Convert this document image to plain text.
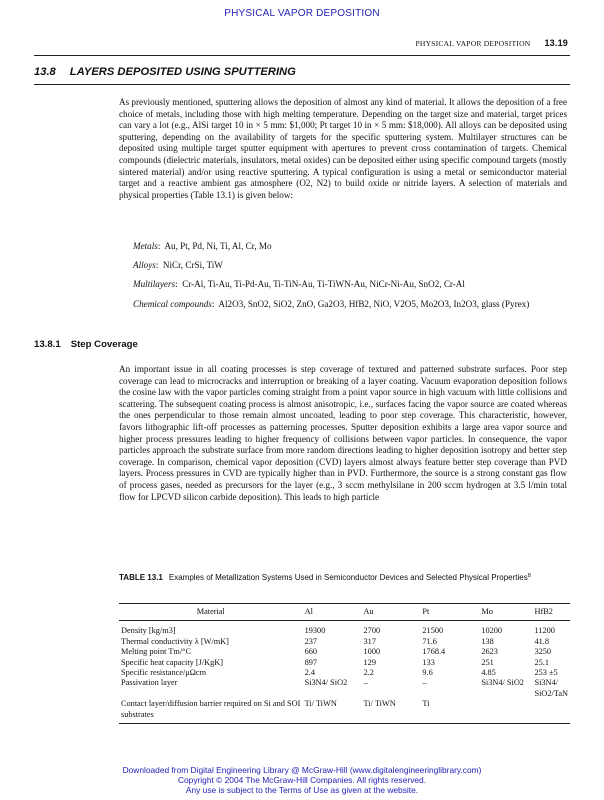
PHYSICAL VAPOR DEPOSITION
PHYSICAL VAPOR DEPOSITION 13.19
13.8 LAYERS DEPOSITED USING SPUTTERING

As previously mentioned, sputtering allows the deposition of almost any kind of material. It allows the deposition of a free choice of metals, including those with high melting temperature. Depending on the target size and material, target prices can vary a lot (e.g., AlSi target 10 in × 5 mm: $1,000; Pt target 10 in × 5 mm: $18,000). All alloys can be deposited using sputtering, depending on the availability of targets for the specific sputtering system. Multilayer structures can be deposited using multiple target sputter equipment with apertures to prevent cross contamination of targets. Chemical compounds (dielectric materials, insulators, metal oxides) can be deposited either using specific compound targets (mostly sintered material) and/or using reactive sputtering. A typical configuration is using a metal or semiconductor material target and a reactive ambient gas atmosphere (O2, N2) to build oxide or nitride layers. A selection of materials and physical properties (Table 13.1) is given below:

Metals:  Au, Pt, Pd, Ni, Ti, Al, Cr, Mo
Alloys:  NiCr, CrSi, TiW
Multilayers:  Cr-Al, Ti-Au, Ti-Pd-Au, Ti-TiN-Au, Ti-TiWN-Au, NiCr-Ni-Au, SnO2, Cr-Al
Chemical compounds:  Al2O3, SnO2, SiO2, ZnO, Ga2O3, HfB2, NiO, V2O5, Mo2O3, In2O3, glass (Pyrex)
13.8.1 Step Coverage

An important issue in all coating processes is step coverage of textured and patterned substrate surfaces. Poor step coverage can lead to microcracks and interruption or breaking of a layer coating. Vacuum evaporation deposition follows the cosine law with the vapor particles coming straight from a point vapor source in high vacuum with little collisions and scattering. The subsequent coating process is almost anisotropic, i.e., surfaces facing the vapor source are coated whereas the ones perpendicular to those remain almost uncoated, leading to poor step coverage. This characteristic, however, favors lithographic lift-off processes as patterning processes. Sputter deposition exhibits a large area vapor source and higher process pressures leading to higher frequency of collisions between vapor particles. In consequence, the vapor particles approach the substrate surface from more random directions leading to higher deposition isotropy and better step coverage. In comparison, chemical vapor deposition (CVD) layers almost always feature better step coverage than PVD layers. Process pressures in CVD are typically higher than in PVD. Furthermore, the source is a strong constant gas flow of process gases, needed as precursors for the layer (e.g., 3 sccm methylsilane in 200 sccm hydrogen at 3.5 l/min total flow for LPCVD silicon carbide deposition). This leads to high particle

TABLE 13.1 Examples of Metallization Systems Used in Semiconductor Devices and Selected Physical Properties$^8$
Material	Al	Au	Pt	Mo	HfB2
Density [kg/m3]	19300	2700	21500	10200	11200
Thermal conductivity λ [W/mK]	237	317	71.6	138	41.8
Melting point Tm/°C	660	1000	1768.4	2623	3250
Specific heat capacity [J/KgK]	897	129	133	251	25.1
Specific resistance/μΩcm	2.4	2.2	9.6	4.85	253 ±5
Passivation layer	Si3N4/ SiO2	–	–	Si3N4/ SiO2	Si3N4/ SiO2/TaN
Contact layer/diffusion barrier required on Si and SOI substrates	Ti/ TiWN	Ti/ TiWN	Ti		
Downloaded from Digital Engineering Library @ McGraw-Hill (www.digitalengineeringlibrary.com)
Copyright © 2004 The McGraw-Hill Companies. All rights reserved.
Any use is subject to the Terms of Use as given at the website.
